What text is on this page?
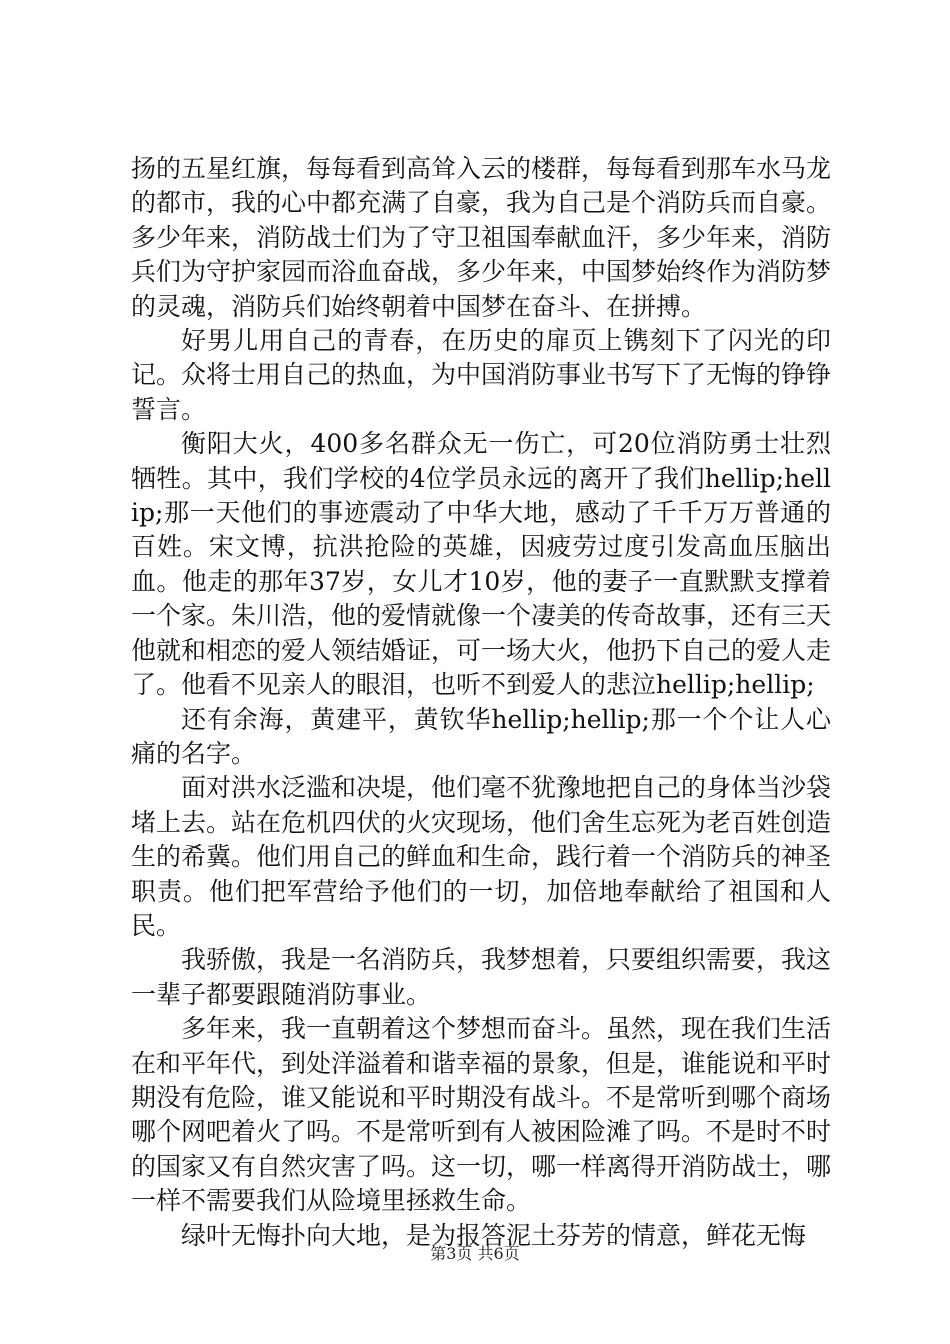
扬的五星红旗，每每看到高耸入云的楼群，每每看到那车水马龙的都市，我的心中都充满了自豪，我为自己是个消防兵而自豪。多少年来，消防战士们为了守卫祖国奉献血汗，多少年来，消防兵们为守护家园而浴血奋战，多少年来，中国梦始终作为消防梦的灵魂，消防兵们始终朝着中国梦在奋斗、在拼搏。

好男儿用自己的青春，在历史的扉页上镌刻下了闪光的印记。众将士用自己的热血，为中国消防事业书写下了无悔的铮铮誓言。

衡阳大火，400多名群众无一伤亡，可20位消防勇士壮烈牺牲。其中，我们学校的4位学员永远的离开了我们hellip;hellip;那一天他们的事迹震动了中华大地，感动了千千万万普通的百姓。宋文博，抗洪抢险的英雄，因疲劳过度引发高血压脑出血。他走的那年37岁，女儿才10岁，他的妻子一直默默支撑着一个家。朱川浩，他的爱情就像一个凄美的传奇故事，还有三天他就和相恋的爱人领结婚证，可一场大火，他扔下自己的爱人走了。他看不见亲人的眼泪，也听不到爱人的悲泣hellip;hellip;

还有余海，黄建平，黄钦华hellip;hellip;那一个个让人心痛的名字。

面对洪水泛滥和决堤，他们毫不犹豫地把自己的身体当沙袋堵上去。站在危机四伏的火灾现场，他们舍生忘死为老百姓创造生的希冀。他们用自己的鲜血和生命，践行着一个消防兵的神圣职责。他们把军营给予他们的一切，加倍地奉献给了祖国和人民。

我骄傲，我是一名消防兵，我梦想着，只要组织需要，我这一辈子都要跟随消防事业。

多年来，我一直朝着这个梦想而奋斗。虽然，现在我们生活在和平年代，到处洋溢着和谐幸福的景象，但是，谁能说和平时期没有危险，谁又能说和平时期没有战斗。不是常听到哪个商场哪个网吧着火了吗。不是常听到有人被困险滩了吗。不是时不时的国家又有自然灾害了吗。这一切，哪一样离得开消防战士，哪一样不需要我们从险境里拯救生命。

绿叶无悔扑向大地，是为报答泥土芬芳的情意，鲜花无悔

第3页 共6页
